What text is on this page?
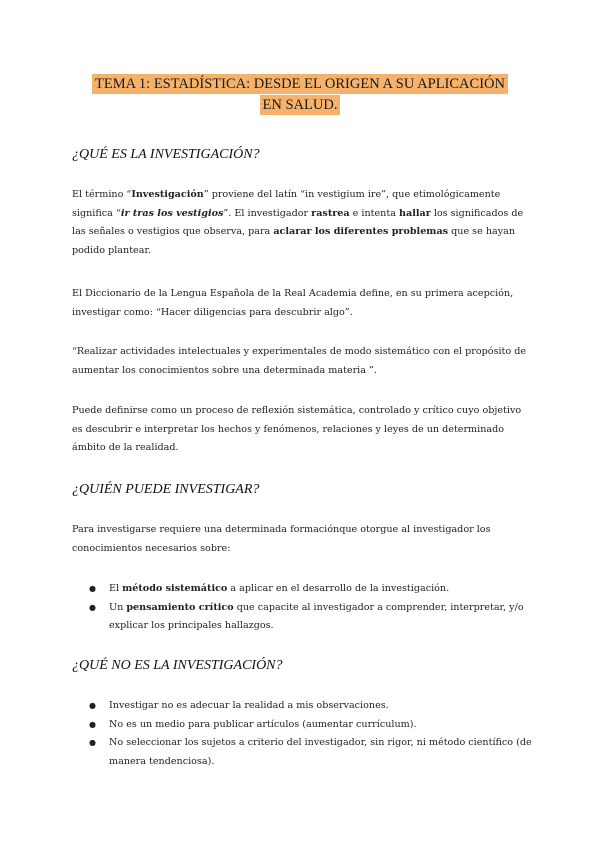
TEMA 1: ESTADÍSTICA: DESDE EL ORIGEN A SU APLICACIÓN
EN SALUD.
¿QUÉ ES LA INVESTIGACIÓN?
El término “Investigación” proviene del latín “in vestigium ire”, que etimológicamente significa “ir tras los vestigios”. El investigador rastrea e intenta hallar los significados de las señales o vestigios que observa, para aclarar los diferentes problemas que se hayan podido plantear.
El Diccionario de la Lengua Española de la Real Academia define, en su primera acepción, investigar como: “Hacer diligencias para descubrir algo”.
“Realizar actividades intelectuales y experimentales de modo sistemático con el propósito de aumentar los conocimientos sobre una determinada materia ”.
Puede definirse como un proceso de reflexión sistemática, controlado y crítico cuyo objetivo es descubrir e interpretar los hechos y fenómenos, relaciones y leyes de un determinado ámbito de la realidad.
¿QUIÉN PUEDE INVESTIGAR?
Para investigarse requiere una determinada formaciónque otorgue al investigador los conocimientos necesarios sobre:
● El método sistemático a aplicar en el desarrollo de la investigación.
● Un pensamiento crítico que capacite al investigador a comprender, interpretar, y/o explicar los principales hallazgos.
¿QUÉ NO ES LA INVESTIGACIÓN?
● Investigar no es adecuar la realidad a mis observaciones.
● No es un medio para publicar artículos (aumentar currículum).
● No seleccionar los sujetos a criterio del investigador, sin rigor, ni método científico (de manera tendenciosa).
